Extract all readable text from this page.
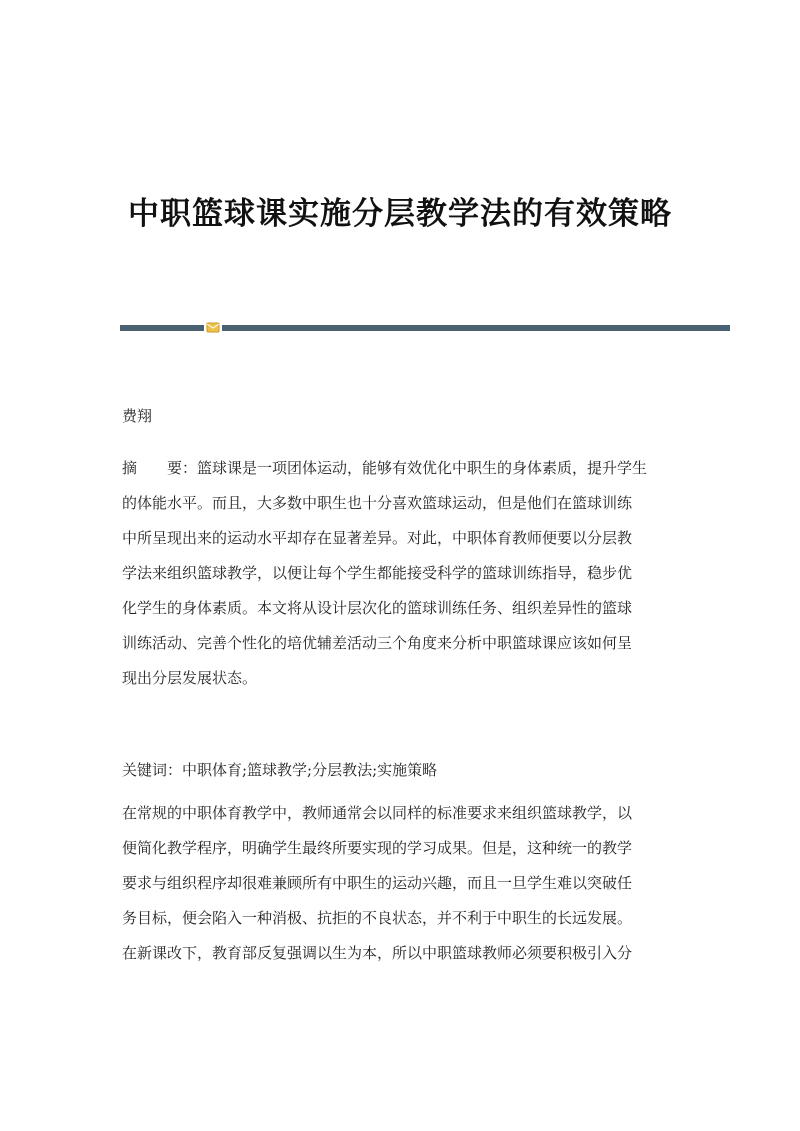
中职篮球课实施分层教学法的有效策略
费翔
摘　　要：篮球课是一项团体运动，能够有效优化中职生的身体素质，提升学生
的体能水平。而且，大多数中职生也十分喜欢篮球运动，但是他们在篮球训练
中所呈现出来的运动水平却存在显著差异。对此，中职体育教师便要以分层教
学法来组织篮球教学，以便让每个学生都能接受科学的篮球训练指导，稳步优
化学生的身体素质。本文将从设计层次化的篮球训练任务、组织差异性的篮球
训练活动、完善个性化的培优辅差活动三个角度来分析中职篮球课应该如何呈
现出分层发展状态。
关键词：中职体育;篮球教学;分层教法;实施策略
在常规的中职体育教学中，教师通常会以同样的标准要求来组织篮球教学，以
便简化教学程序，明确学生最终所要实现的学习成果。但是，这种统一的教学
要求与组织程序却很难兼顾所有中职生的运动兴趣，而且一旦学生难以突破任
务目标，便会陷入一种消极、抗拒的不良状态，并不利于中职生的长远发展。
在新课改下，教育部反复强调以生为本，所以中职篮球教师必须要积极引入分
